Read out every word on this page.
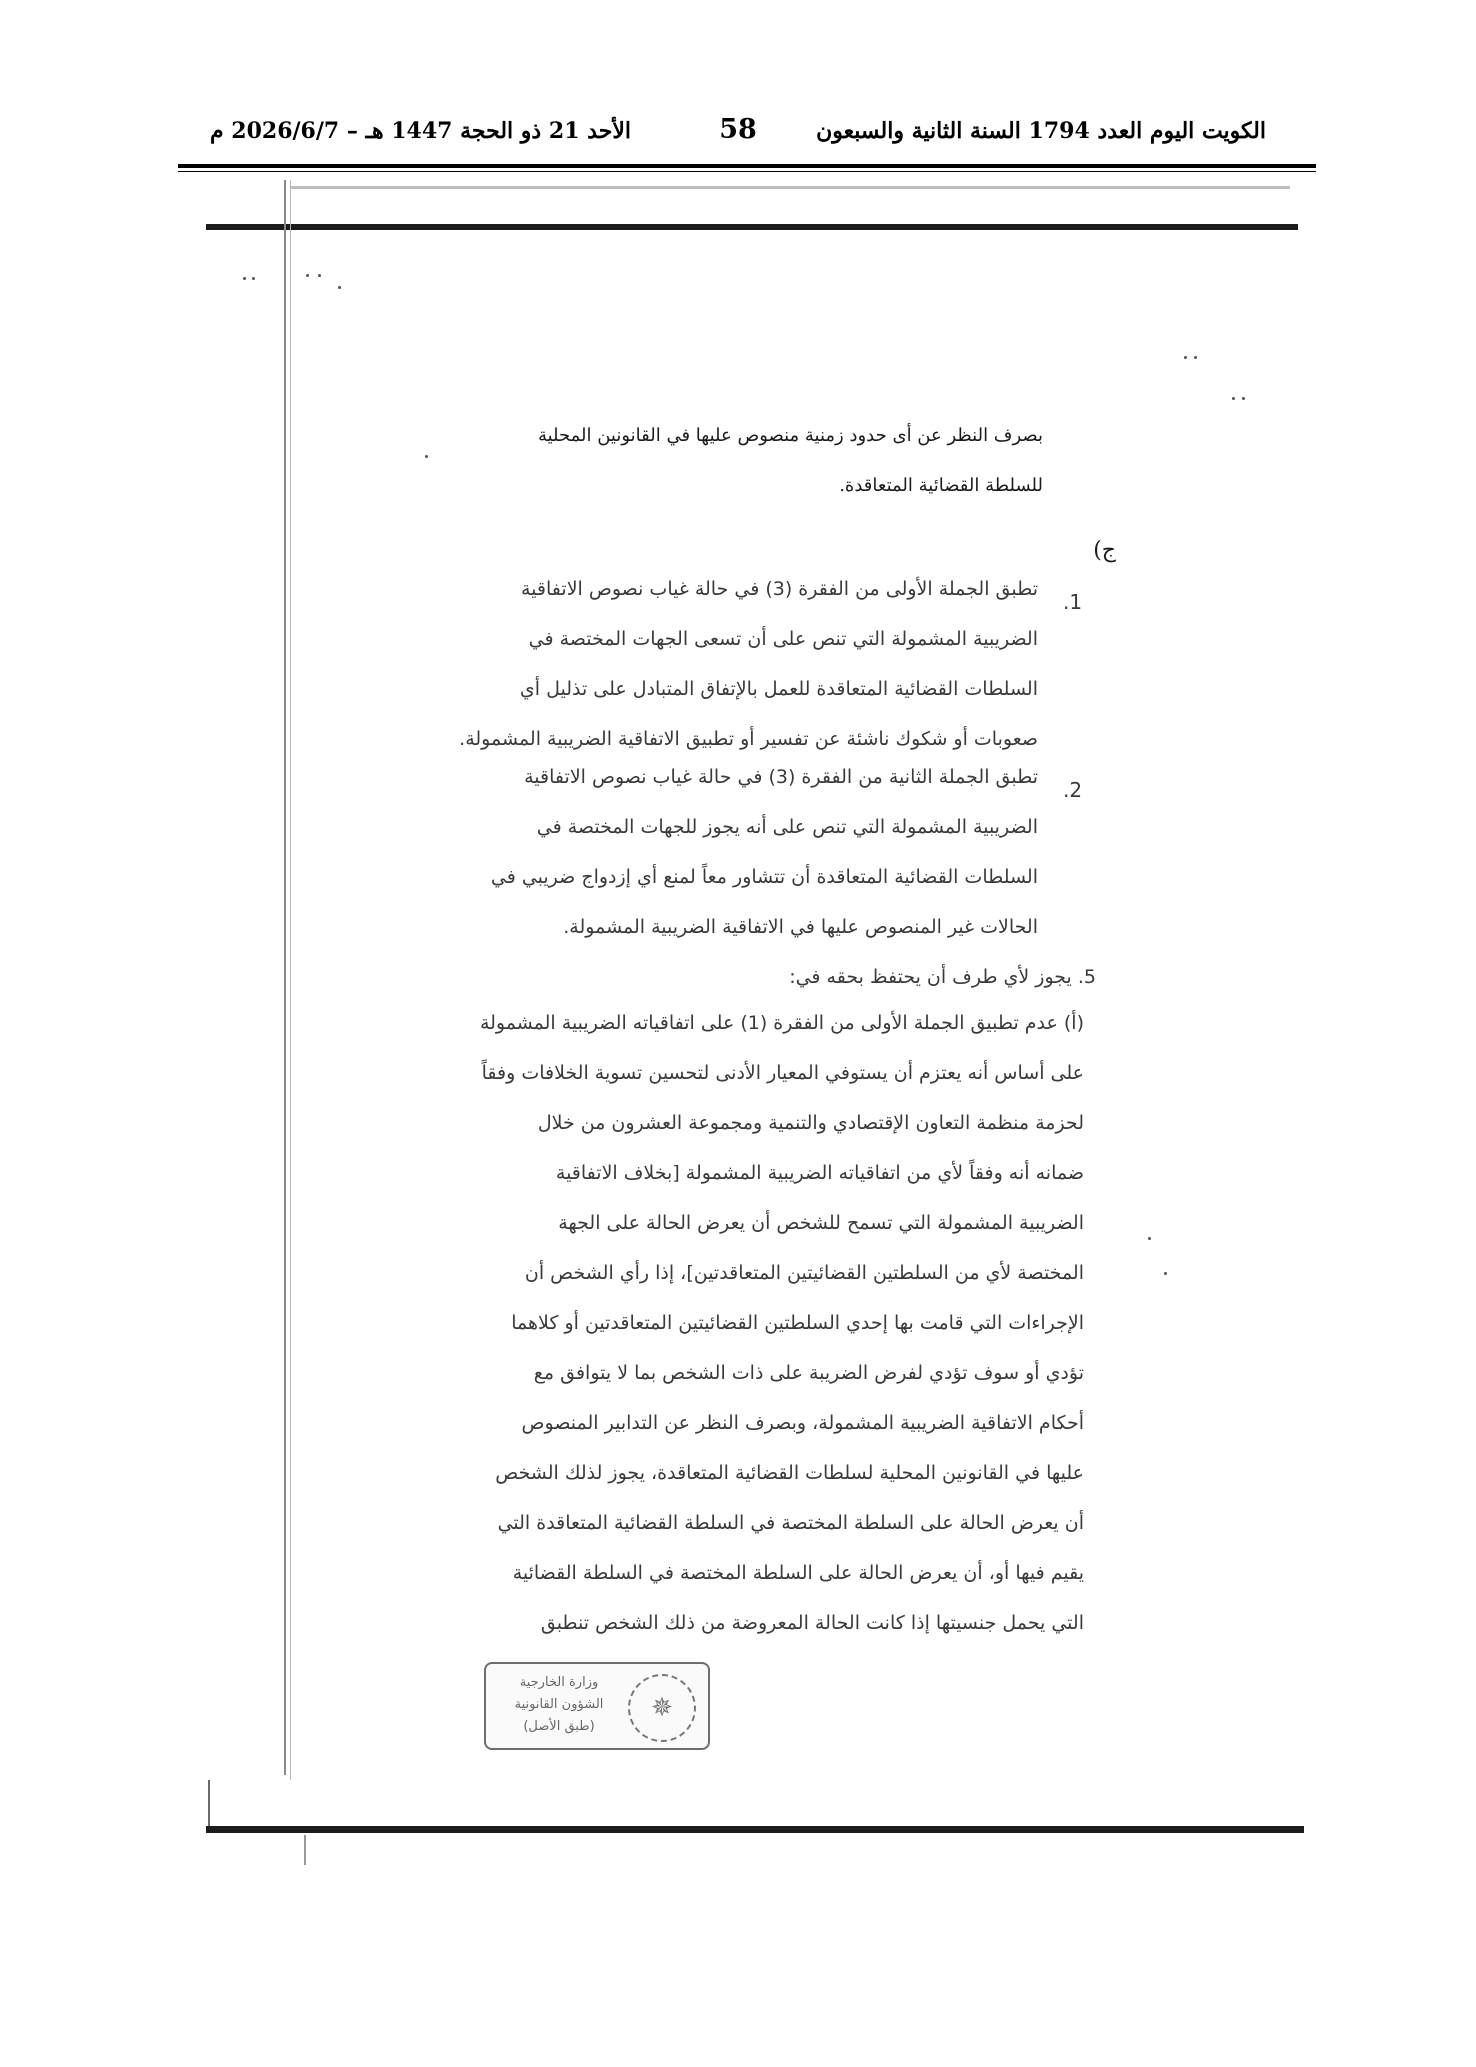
الكويت اليوم العدد 1794 السنة الثانية والسبعون
58
الأحد 21 ذو الحجة 1447 هـ – 2026/6/7 م
بصرف النظر عن أى حدود زمنية منصوص عليها في القانونين المحلية
للسلطة القضائية المتعاقدة.
ج)
.1
تطبق الجملة الأولى من الفقرة (3) في حالة غياب نصوص الاتفاقية
الضريبية المشمولة التي تنص على أن تسعى الجهات المختصة في
السلطات القضائية المتعاقدة للعمل بالإتفاق المتبادل على تذليل أي
صعوبات أو شكوك ناشئة عن تفسير أو تطبيق الاتفاقية الضريبية المشمولة.
.2
تطبق الجملة الثانية من الفقرة (3) في حالة غياب نصوص الاتفاقية
الضريبية المشمولة التي تنص على أنه يجوز للجهات المختصة في
السلطات القضائية المتعاقدة أن تتشاور معاً لمنع أي إزدواج ضريبي في
الحالات غير المنصوص عليها في الاتفاقية الضريبية المشمولة.
5. يجوز لأي طرف أن يحتفظ بحقه في:
(أ) عدم تطبيق الجملة الأولى من الفقرة (1) على اتفاقياته الضريبية المشمولة
على أساس أنه يعتزم أن يستوفي المعيار الأدنى لتحسين تسوية الخلافات وفقاً
لحزمة منظمة التعاون الإقتصادي والتنمية ومجموعة العشرون من خلال
ضمانه أنه وفقاً لأي من اتفاقياته الضريبية المشمولة [بخلاف الاتفاقية
الضريبية المشمولة التي تسمح للشخص أن يعرض الحالة على الجهة
المختصة لأي من السلطتين القضائيتين المتعاقدتين]، إذا رأي الشخص أن
الإجراءات التي قامت بها إحدي السلطتين القضائيتين المتعاقدتين أو كلاهما
تؤدي أو سوف تؤدي لفرض الضريبة على ذات الشخص بما لا يتوافق مع
أحكام الاتفاقية الضريبية المشمولة، وبصرف النظر عن التدابير المنصوص
عليها في القانونين المحلية لسلطات القضائية المتعاقدة، يجوز لذلك الشخص
أن يعرض الحالة على السلطة المختصة في السلطة القضائية المتعاقدة التي
يقيم فيها أو، أن يعرض الحالة على السلطة المختصة في السلطة القضائية
التي يحمل جنسيتها إذا كانت الحالة المعروضة من ذلك الشخص تنطبق
✵
وزارة الخارجية
الشؤون القانونية
(طبق الأصل)
